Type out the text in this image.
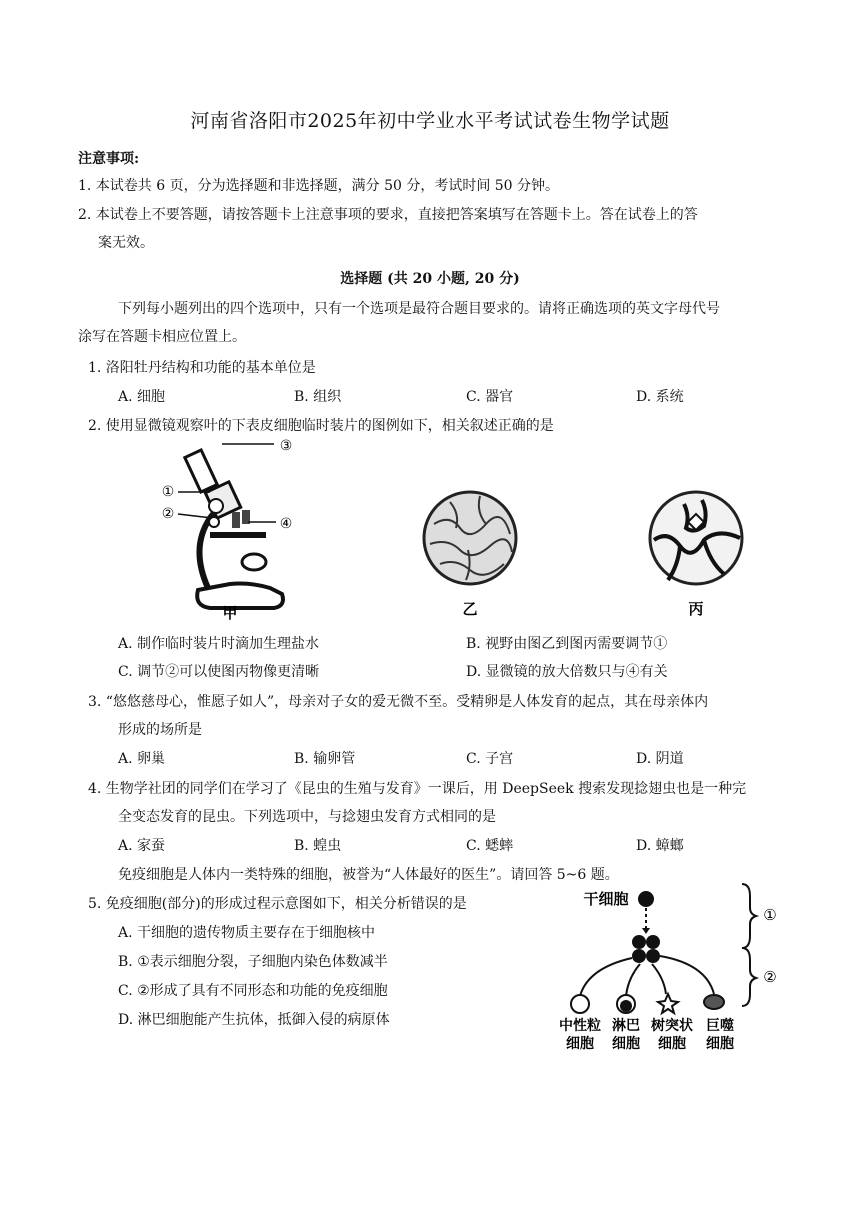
河南省洛阳市2025年初中学业水平考试试卷生物学试题
注意事项:
1. 本试卷共 6 页，分为选择题和非选择题，满分 50 分，考试时间 50 分钟。
2. 本试卷上不要答题，请按答题卡上注意事项的要求，直接把答案填写在答题卡上。答在试卷上的答
案无效。
选择题 (共 20 小题, 20 分)
下列每小题列出的四个选项中，只有一个选项是最符合题目要求的。请将正确选项的英文字母代号
涂写在答题卡相应位置上。
1. 洛阳牡丹结构和功能的基本单位是
A. 细胞	B. 组织	C. 器官	D. 系统
2. 使用显微镜观察叶的下表皮细胞临时装片的图例如下，相关叙述正确的是
③
①
②
④
甲	乙	丙
A. 制作临时装片时滴加生理盐水	B. 视野由图乙到图丙需要调节①
C. 调节②可以使图丙物像更清晰	D. 显微镜的放大倍数只与④有关
3. “悠悠慈母心，惟愿子如人”，母亲对子女的爱无微不至。受精卵是人体发育的起点，其在母亲体内
形成的场所是
A. 卵巢	B. 输卵管	C. 子宫	D. 阴道
4. 生物学社团的同学们在学习了《昆虫的生殖与发育》一课后，用 DeepSeek 搜索发现捻翅虫也是一种完
全变态发育的昆虫。下列选项中，与捻翅虫发育方式相同的是
A. 家蚕	B. 蝗虫	C. 蟋蟀	D. 蟑螂
免疫细胞是人体内一类特殊的细胞，被誉为“人体最好的医生”。请回答 5~6 题。
5. 免疫细胞(部分)的形成过程示意图如下，相关分析错误的是
A. 干细胞的遗传物质主要存在于细胞核中
B. ①表示细胞分裂，子细胞内染色体数减半
C. ②形成了具有不同形态和功能的免疫细胞
D. 淋巴细胞能产生抗体，抵御入侵的病原体
干细胞
①
②
中性粒
细胞
淋巴
细胞
树突状
细胞
巨噬
细胞
